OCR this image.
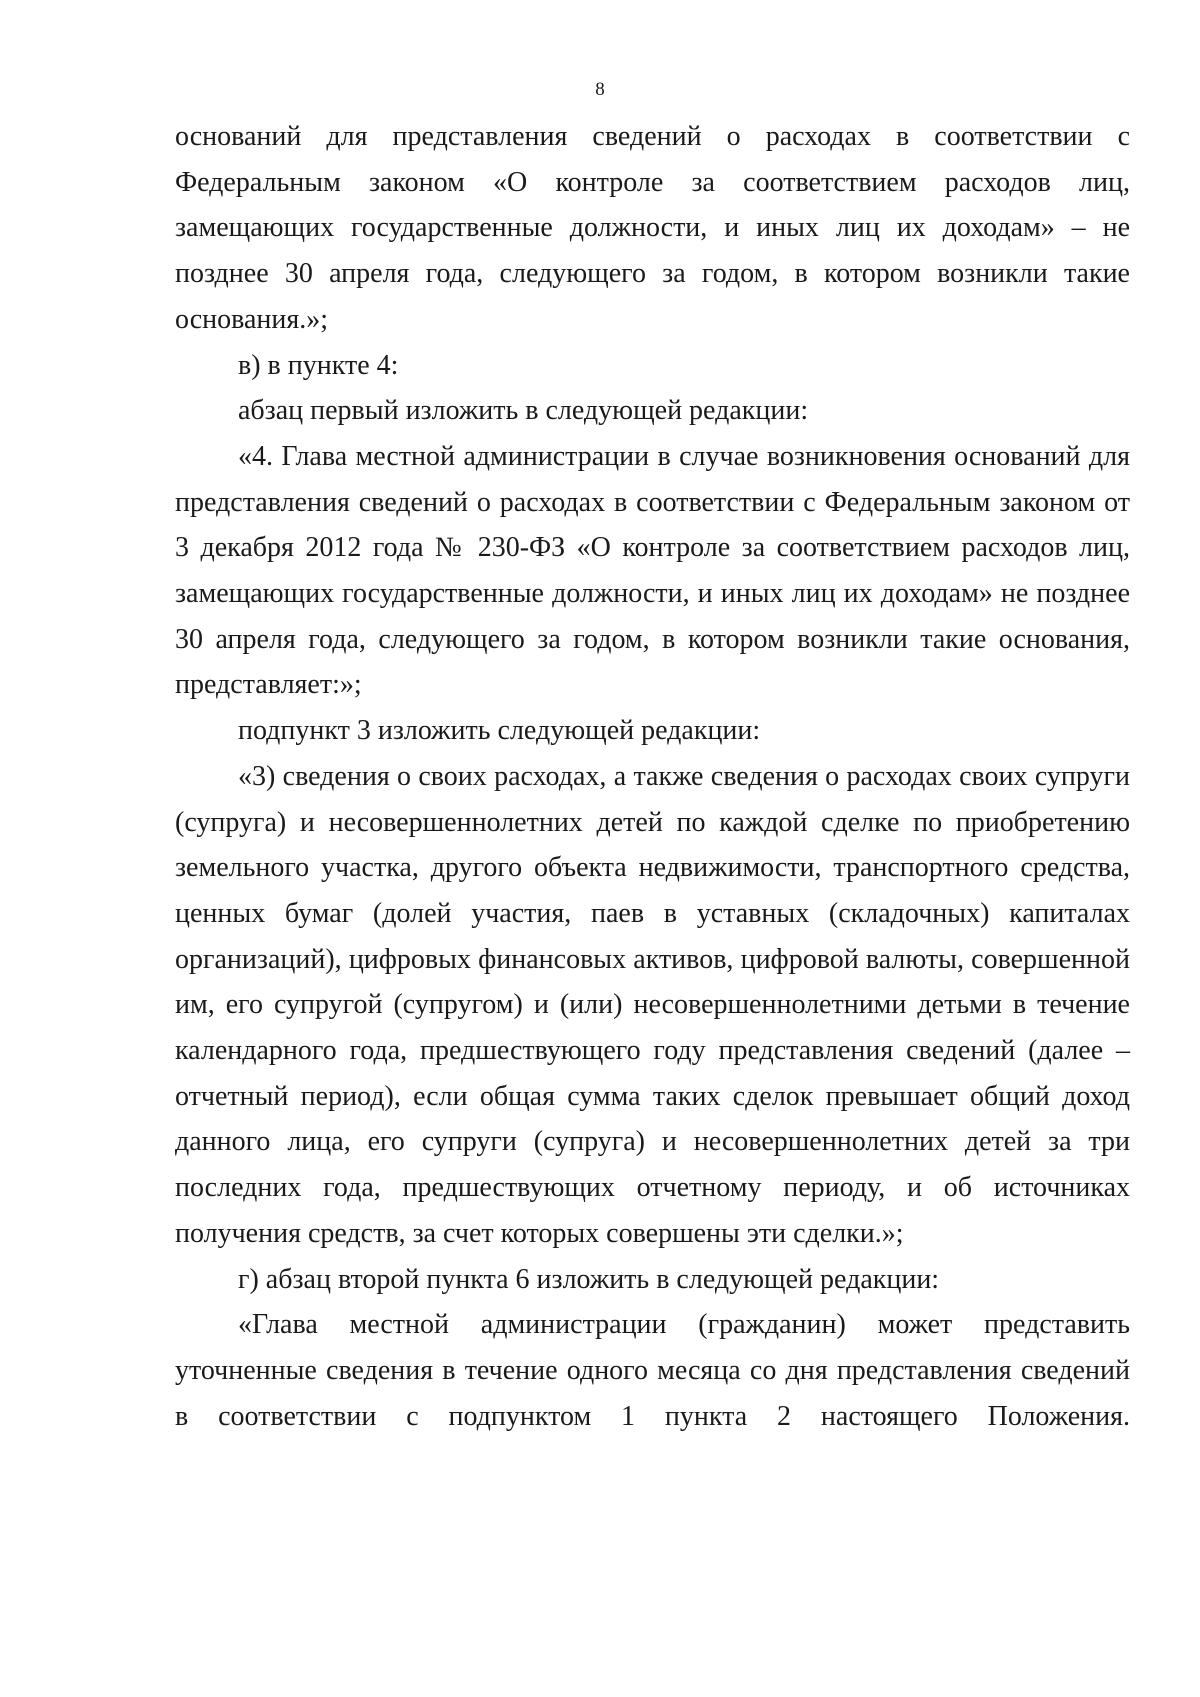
8

оснований для представления сведений о расходах в соответствии с Федеральным законом «О контроле за соответствием расходов лиц, замещающих государственные должности, и иных лиц их доходам» – не позднее 30 апреля года, следующего за годом, в котором возникли такие основания.»;

в) в пункте 4:

абзац первый изложить в следующей редакции:

«4. Глава местной администрации в случае возникновения оснований для представления сведений о расходах в соответствии с Федеральным законом от 3 декабря 2012 года № 230-ФЗ «О контроле за соответствием расходов лиц, замещающих государственные должности, и иных лиц их доходам» не позднее 30 апреля года, следующего за годом, в котором возникли такие основания, представляет:»;

подпункт 3 изложить следующей редакции:

«3) сведения о своих расходах, а также сведения о расходах своих супруги (супруга) и несовершеннолетних детей по каждой сделке по приобретению земельного участка, другого объекта недвижимости, транспортного средства, ценных бумаг (долей участия, паев в уставных (складочных) капиталах организаций), цифровых финансовых активов, цифровой валюты, совершенной им, его супругой (супругом) и (или) несовершеннолетними детьми в течение календарного года, предшествующего году представления сведений (далее – отчетный период), если общая сумма таких сделок превышает общий доход данного лица, его супруги (супруга) и несовершеннолетних детей за три последних года, предшествующих отчетному периоду, и об источниках получения средств, за счет которых совершены эти сделки.»;

г) абзац второй пункта 6 изложить в следующей редакции:

«Глава местной администрации (гражданин) может представить уточненные сведения в течение одного месяца со дня представления сведений в соответствии с подпунктом 1 пункта 2 настоящего Положения.
